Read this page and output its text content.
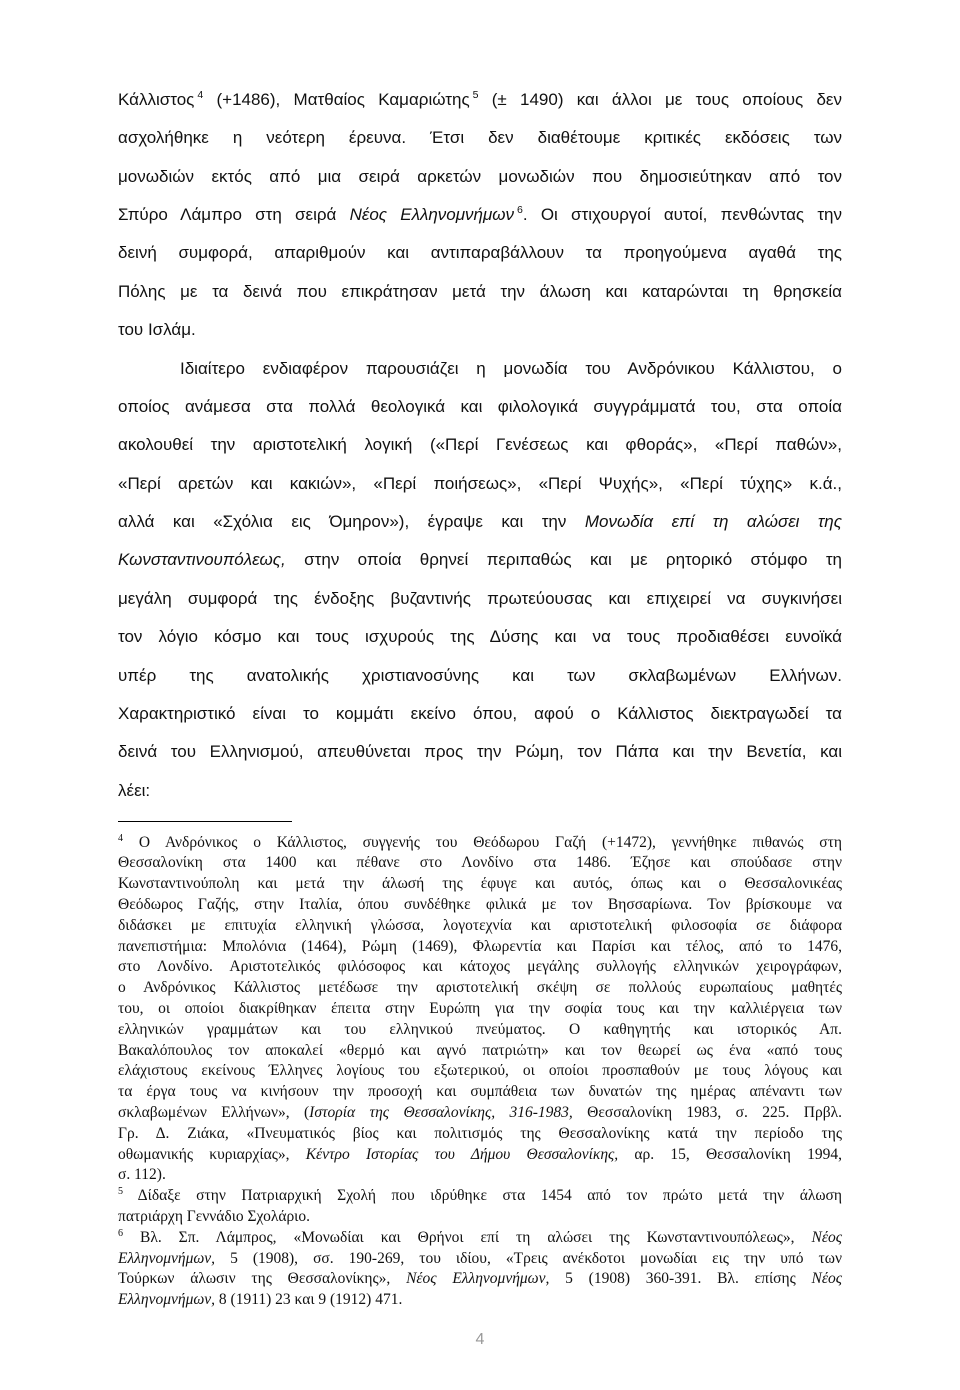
Κάλλιστος $^4$ (+1486), Ματθαίος Καμαριώτης $^5$ (± 1490) και άλλοι με τους οποίους δεν
ασχολήθηκε η νεότερη έρευνα. Έτσι δεν διαθέτουμε κριτικές εκδόσεις των
μονωδιών εκτός από μια σειρά αρκετών μονωδιών που δημοσιεύτηκαν από τον
Σπύρο Λάμπρο στη σειρά Νέος Ελληνομνήμων $^6$. Οι στιχουργοί αυτοί, πενθώντας την
δεινή συμφορά, απαριθμούν και αντιπαραβάλλουν τα προηγούμενα αγαθά της
Πόλης με τα δεινά που επικράτησαν μετά την άλωση και καταρώνται τη θρησκεία
του Ισλάμ.
Ιδιαίτερο ενδιαφέρον παρουσιάζει η μονωδία του Ανδρόνικου Κάλλιστου, ο
οποίος ανάμεσα στα πολλά θεολογικά και φιλολογικά συγγράμματά του, στα οποία
ακολουθεί την αριστοτελική λογική («Περί Γενέσεως και φθοράς», «Περί παθών»,
«Περί αρετών και κακιών», «Περί ποιήσεως», «Περί Ψυχής», «Περί τύχης» κ.ά.,
αλλά και «Σχόλια εις Όμηρον»), έγραψε και την Μονωδία επί τη αλώσει της
Κωνσταντινουπόλεως, στην οποία θρηνεί περιπαθώς και με ρητορικό στόμφο τη
μεγάλη συμφορά της ένδοξης βυζαντινής πρωτεύουσας και επιχειρεί να συγκινήσει
τον λόγιο κόσμο και τους ισχυρούς της Δύσης και να τους προδιαθέσει ευνοϊκά
υπέρ της ανατολικής χριστιανοσύνης και των σκλαβωμένων Ελλήνων.
Χαρακτηριστικό είναι το κομμάτι εκείνο όπου, αφού ο Κάλλιστος διεκτραγωδεί τα
δεινά του Ελληνισμού, απευθύνεται προς την Ρώμη, τον Πάπα και την Βενετία, και
λέει:
$^4$ Ο Ανδρόνικος ο Κάλλιστος, συγγενής του Θεόδωρου Γαζή (+1472), γεννήθηκε πιθανώς στη
Θεσσαλονίκη στα 1400 και πέθανε στο Λονδίνο στα 1486. Έζησε και σπούδασε στην
Κωνσταντινούπολη και μετά την άλωσή της έφυγε και αυτός, όπως και ο Θεσσαλονικέας
Θεόδωρος Γαζής, στην Ιταλία, όπου συνδέθηκε φιλικά με τον Βησσαρίωνα. Τον βρίσκουμε να
διδάσκει με επιτυχία ελληνική γλώσσα, λογοτεχνία και αριστοτελική φιλοσοφία σε διάφορα
πανεπιστήμια: Μπολόνια (1464), Ρώμη (1469), Φλωρεντία και Παρίσι και τέλος, από το 1476,
στο Λονδίνο. Αριστοτελικός φιλόσοφος και κάτοχος μεγάλης συλλογής ελληνικών χειρογράφων,
ο Ανδρόνικος Κάλλιστος μετέδωσε την αριστοτελική σκέψη σε πολλούς ευρωπαίους μαθητές
του, οι οποίοι διακρίθηκαν έπειτα στην Ευρώπη για την σοφία τους και την καλλιέργεια των
ελληνικών γραμμάτων και του ελληνικού πνεύματος. Ο καθηγητής και ιστορικός Απ.
Βακαλόπουλος τον αποκαλεί «θερμό και αγνό πατριώτη» και τον θεωρεί ως ένα «από τους
ελάχιστους εκείνους Έλληνες λογίους του εξωτερικού, οι οποίοι προσπαθούν με τους λόγους και
τα έργα τους να κινήσουν την προσοχή και συμπάθεια των δυνατών της ημέρας απέναντι των
σκλαβωμένων Ελλήνων», (Ιστορία της Θεσσαλονίκης, 316-1983, Θεσσαλονίκη 1983, σ. 225. Πρβλ.
Γρ. Δ. Ζιάκα, «Πνευματικός βίος και πολιτισμός της Θεσσαλονίκης κατά την περίοδο της
οθωμανικής κυριαρχίας», Κέντρο Ιστορίας του Δήμου Θεσσαλονίκης, αρ. 15, Θεσσαλονίκη 1994,
σ. 112).
$^5$ Δίδαξε στην Πατριαρχική Σχολή που ιδρύθηκε στα 1454 από τον πρώτο μετά την άλωση
πατριάρχη Γεννάδιο Σχολάριο.
$^6$ Βλ. Σπ. Λάμπρος, «Μονωδίαι και Θρήνοι επί τη αλώσει της Κωνσταντινουπόλεως», Νέος
Ελληνομνήμων, 5 (1908), σσ. 190-269, του ιδίου, «Τρεις ανέκδοτοι μονωδίαι εις την υπό των
Τούρκων άλωσιν της Θεσσαλονίκης», Νέος Ελληνομνήμων, 5 (1908) 360-391. Βλ. επίσης Νέος
Ελληνομνήμων, 8 (1911) 23 και 9 (1912) 471.
4
